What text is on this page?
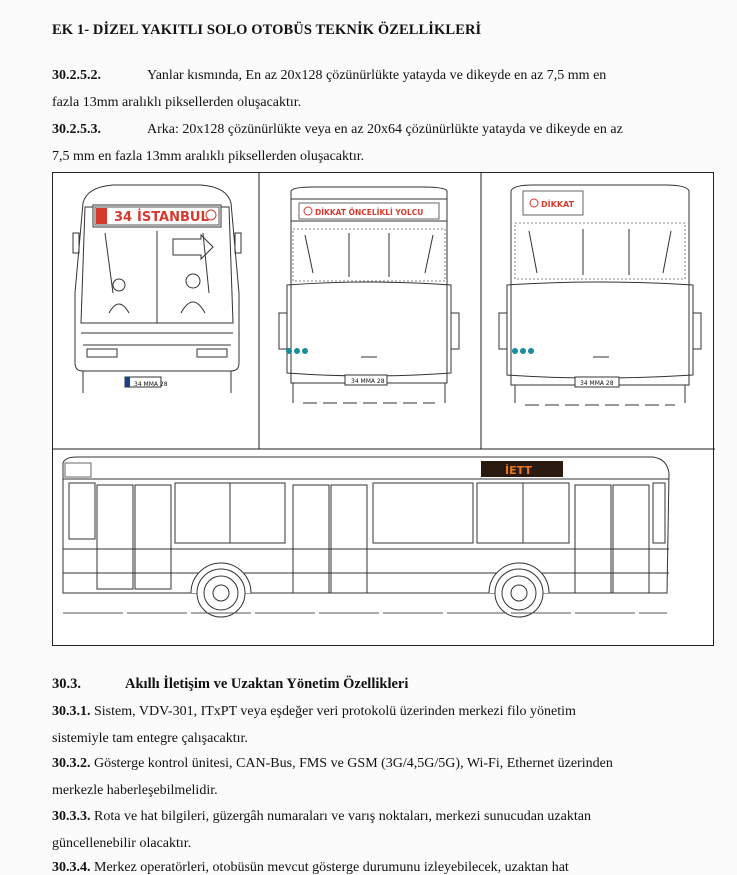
EK 1- DİZEL YAKITLI SOLO OTOBÜS TEKNİK ÖZELLİKLERİ
30.2.5.2.	Yanlar kısmında, En az 20x128 çözünürlükte yatayda ve dikeyde en az 7,5 mm en
fazla 13mm aralıklı piksellerden oluşacaktır.
30.2.5.3.	Arka: 20x128 çözünürlükte veya en az 20x64 çözünürlükte yatayda ve dikeyde en az
7,5 mm en fazla 13mm aralıklı piksellerden oluşacaktır.
34 İSTANBUL
34 MMA 28
DİKKAT ÖNCELİKLİ YOLCU
34 MMA 28
DİKKAT
34 MMA 28
İETT
30.3.	Akıllı İletişim ve Uzaktan Yönetim Özellikleri
30.3.1. Sistem, VDV-301, ITxPT veya eşdeğer veri protokolü üzerinden merkezi filo yönetim
sistemiyle tam entegre çalışacaktır.
30.3.2. Gösterge kontrol ünitesi, CAN-Bus, FMS ve GSM (3G/4,5G/5G), Wi-Fi, Ethernet üzerinden
merkezle haberleşebilmelidir.
30.3.3. Rota ve hat bilgileri, güzergâh numaraları ve varış noktaları, merkezi sunucudan uzaktan
güncellenebilir olacaktır.
30.3.4. Merkez operatörleri, otobüsün mevcut gösterge durumunu izleyebilecek, uzaktan hat
